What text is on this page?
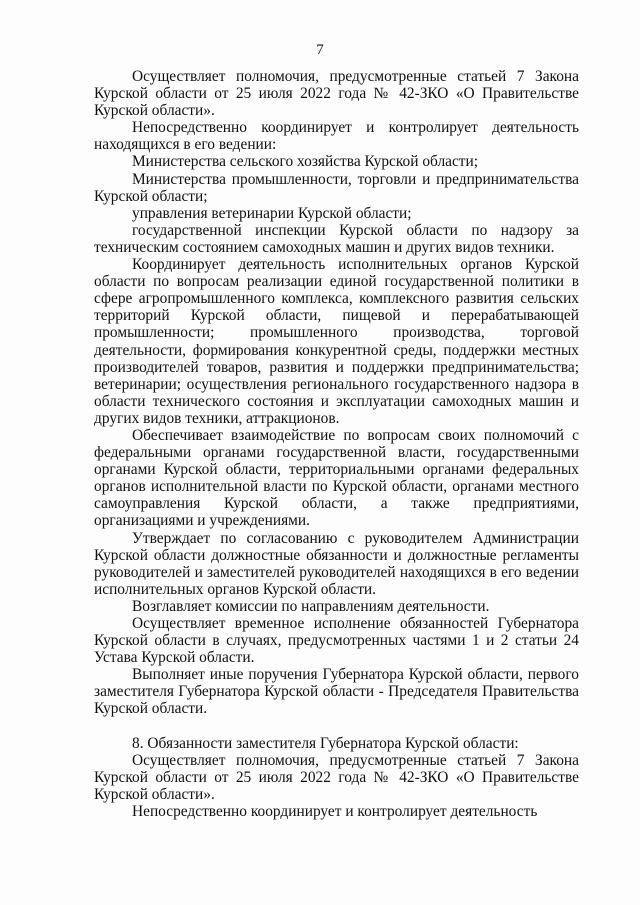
7

Осуществляет полномочия, предусмотренные статьей 7 Закона Курской области от 25 июля 2022 года № 42-ЗКО «О Правительстве Курской области».

Непосредственно координирует и контролирует деятельность находящихся в его ведении:

Министерства сельского хозяйства Курской области;

Министерства промышленности, торговли и предпринимательства Курской области;

управления ветеринарии Курской области;

государственной инспекции Курской области по надзору за техническим состоянием самоходных машин и других видов техники.

Координирует деятельность исполнительных органов Курской области по вопросам реализации единой государственной политики в сфере агропромышленного комплекса, комплексного развития сельских территорий Курской области, пищевой и перерабатывающей промышленности; промышленного производства, торговой деятельности, формирования конкурентной среды, поддержки местных производителей товаров, развития и поддержки предпринимательства; ветеринарии; осуществления регионального государственного надзора в области технического состояния и эксплуатации самоходных машин и других видов техники, аттракционов.

Обеспечивает взаимодействие по вопросам своих полномочий с федеральными органами государственной власти, государственными органами Курской области, территориальными органами федеральных органов исполнительной власти по Курской области, органами местного самоуправления Курской области, а также предприятиями, организациями и учреждениями.

Утверждает по согласованию с руководителем Администрации Курской области должностные обязанности и должностные регламенты руководителей и заместителей руководителей находящихся в его ведении исполнительных органов Курской области.

Возглавляет комиссии по направлениям деятельности.

Осуществляет временное исполнение обязанностей Губернатора Курской области в случаях, предусмотренных частями 1 и 2 статьи 24 Устава Курской области.

Выполняет иные поручения Губернатора Курской области, первого заместителя Губернатора Курской области - Председателя Правительства Курской области.

8. Обязанности заместителя Губернатора Курской области:

Осуществляет полномочия, предусмотренные статьей 7 Закона Курской области от 25 июля 2022 года № 42-ЗКО «О Правительстве Курской области».

Непосредственно координирует и контролирует деятельность
